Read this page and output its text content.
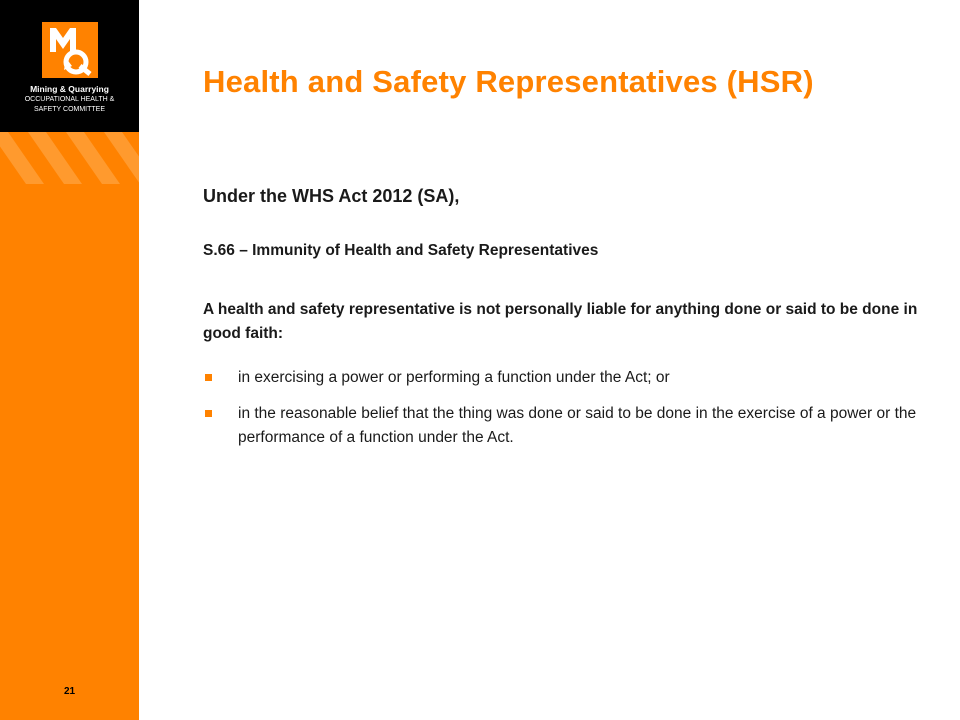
Mining & Quarrying
OCCUPATIONAL HEALTH &
SAFETY COMMITTEE
21
Health and Safety Representatives (HSR)
Under the WHS Act 2012 (SA),
S.66 – Immunity of Health and Safety Representatives

A health and safety representative is not personally liable for anything done or said to be done in good faith:

in exercising a power or performing a function under the Act; or
in the reasonable belief that the thing was done or said to be done in the exercise of a power or the performance of a function under the Act.
